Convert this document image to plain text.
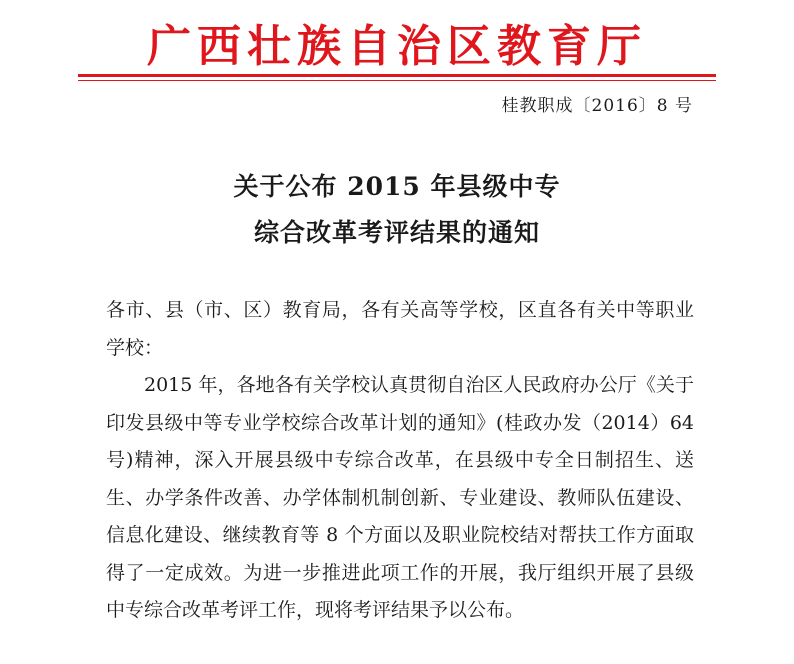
广西壮族自治区教育厅
桂教职成〔2016〕8 号
关于公布 2015 年县级中专
综合改革考评结果的通知

各市、县（市、区）教育局，各有关高等学校，区直各有关中等职业学校：

2015 年，各地各有关学校认真贯彻自治区人民政府办公厅《关于印发县级中等专业学校综合改革计划的通知》(桂政办发（2014）64 号)精神，深入开展县级中专综合改革，在县级中专全日制招生、送生、办学条件改善、办学体制机制创新、专业建设、教师队伍建设、信息化建设、继续教育等 8 个方面以及职业院校结对帮扶工作方面取得了一定成效。为进一步推进此项工作的开展，我厅组织开展了县级中专综合改革考评工作，现将考评结果予以公布。
